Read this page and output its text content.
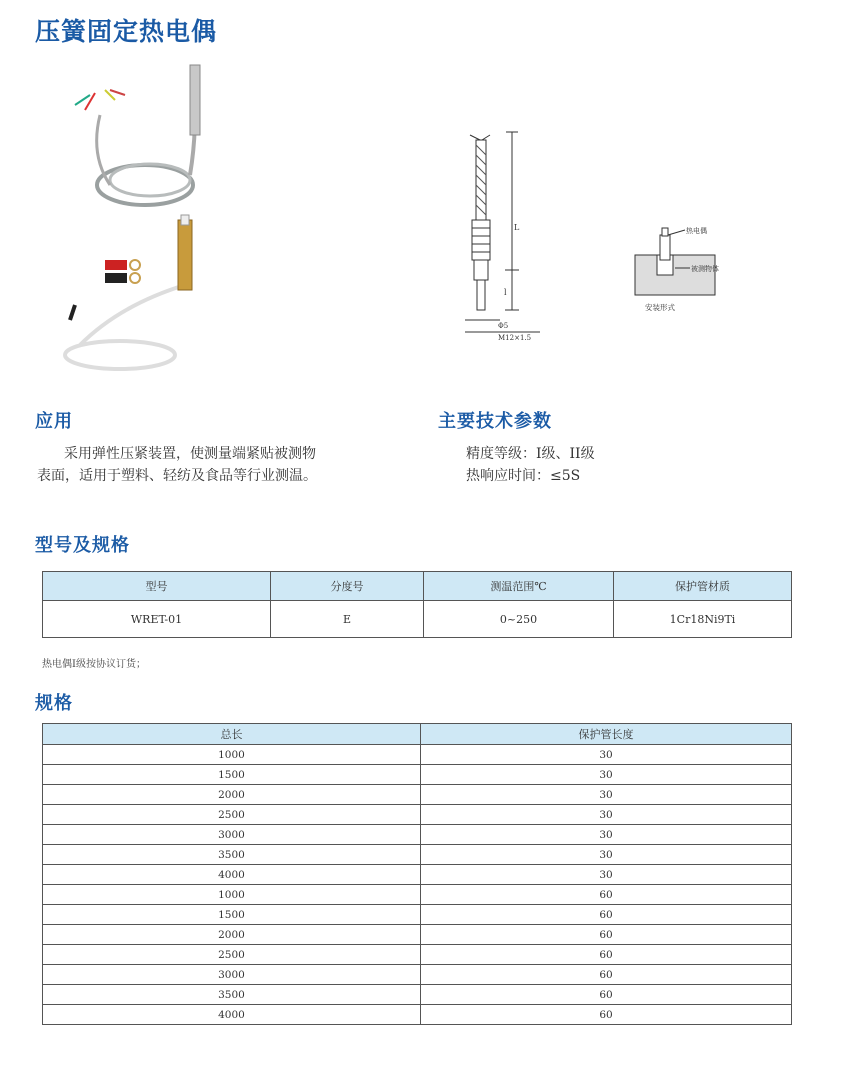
压簧固定热电偶
L
l
Φ5
M12×1.5
热电偶
被测物体
安装形式
应用
采用弹性压紧装置，使测量端紧贴被测物
表面，适用于塑料、轻纺及食品等行业测温。
主要技术参数
精度等级：I级、II级
热响应时间：≤5S
型号及规格
型号	分度号	测温范围℃	保护管材质
WRET-01	E	0~250	1Cr18Ni9Ti
热电偶I级按协议订货；
规格
总长	保护管长度
1000	30
1500	30
2000	30
2500	30
3000	30
3500	30
4000	30
1000	60
1500	60
2000	60
2500	60
3000	60
3500	60
4000	60
